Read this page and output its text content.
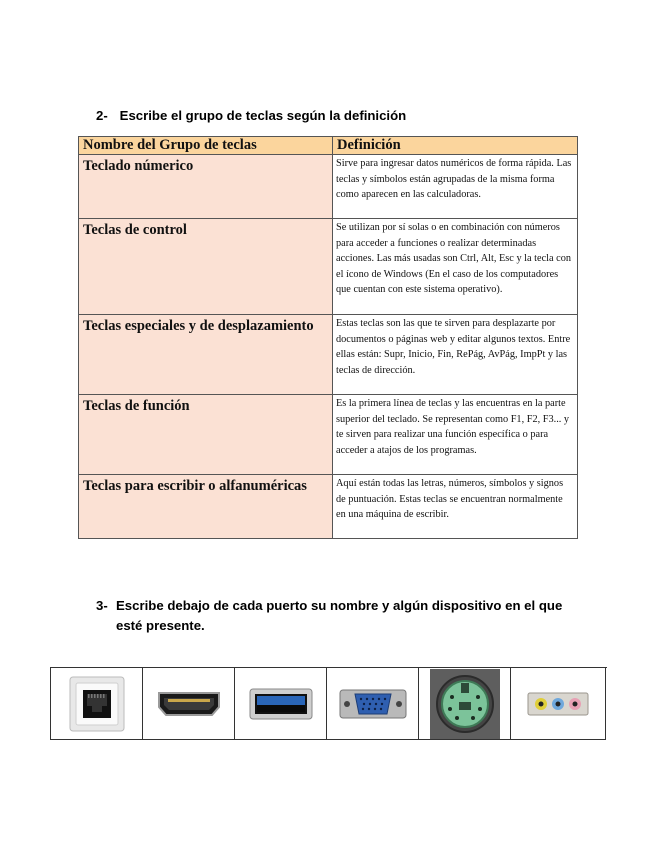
2- Escribe el grupo de teclas según la definición
Nombre del Grupo de teclas	Definición
Teclado númerico	Sirve para ingresar datos numéricos de forma rápida. Las teclas y símbolos están agrupadas de la misma forma como aparecen en las calculadoras.
Teclas de control	Se utilizan por sí solas o en combinación con números para acceder a funciones o realizar determinadas acciones. Las más usadas son Ctrl, Alt, Esc y la tecla con el ícono de Windows (En el caso de los computadores que cuentan con este sistema operativo).
Teclas especiales y de desplazamiento	Estas teclas son las que te sirven para desplazarte por documentos o páginas web y editar algunos textos. Entre ellas están: Supr, Inicio, Fin, RePág, AvPág, ImpPt y las teclas de dirección.
Teclas de función	Es la primera línea de teclas y las encuentras en la parte superior del teclado. Se representan como F1, F2, F3... y te sirven para realizar una función específica o para acceder a atajos de los programas.
Teclas para escribir o alfanuméricas	Aquí están todas las letras, números, símbolos y signos de puntuación. Estas teclas se encuentran normalmente en una máquina de escribir.
3- Escribe debajo de cada puerto su nombre y algún dispositivo en el que esté presente.
